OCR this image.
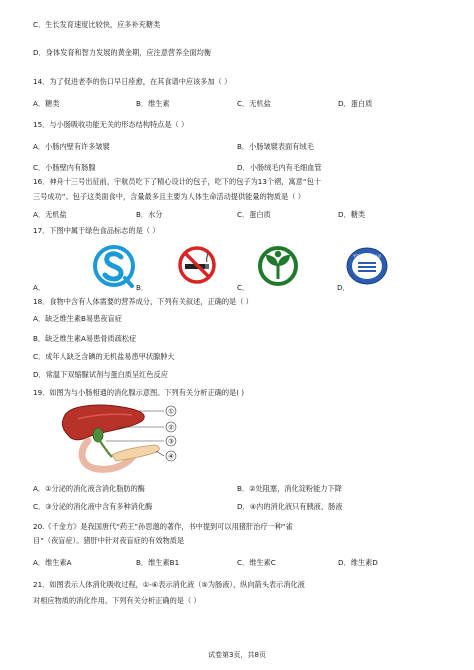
C．生长发育速度比较快，应多补充糖类
D．身体发育和智力发展的黄金期，应注意营养全面均衡
14．为了促进老李的伤口早日痊愈，在其食谱中应该多加（ ）
A．糖类	B．维生素	C．无机盐	D．蛋白质
15．与小肠吸收功能无关的形态结构特点是（ ）
A．小肠内壁有许多皱襞	B．小肠皱襞表面有绒毛
C．小肠壁内有肠腺	D．小肠绒毛内有毛细血管
16．神舟十三号出征前，宇航员吃下了精心设计的包子，吃下的包子为13个褶，寓意“包十
三号成功”。包子这类面食中，含量最多且主要为人体生命活动提供能量的物质是（ ）
A．无机盐	B．水分	C．蛋白质	D．糖类
17．下图中属于绿色食品标志的是（ ）
A．	B．	C．	D．
中国产品质量认证
18．食物中含有人体需要的营养成分，下列有关叙述，正确的是（ ）
A．缺乏维生素B易患夜盲症
B．缺乏维生素A易患骨质疏松症
C．成年人缺乏含碘的无机盐易患甲状腺肿大
D．常温下双缩脲试剂与蛋白质呈红色反应
19．如图为与小肠相通的消化腺示意图。下列有关分析正确的是( )
①
②
③
④
A．①分泌的消化液含消化脂肪的酶	B．②处阻塞，消化淀粉能力下降
C．③分泌的消化液中含有多种消化酶	D．④内的消化液只有胰液、肠液
20.《千金方》是我国唐代“药王”孙思邈的著作，书中提到可以用猪肝治疗一种“雀
目”（夜盲症）。猪肝中针对夜盲症的有效物质是
A．维生素A	B．维生素B1	C．维生素C	D．维生素D
21．如图表示人体消化吸收过程，①-⑥表示消化液（⑤为肠液），纵向箭头表示消化液
对相应物质的消化作用。下列有关分析正确的是（ ）
试卷第3页，共8页
